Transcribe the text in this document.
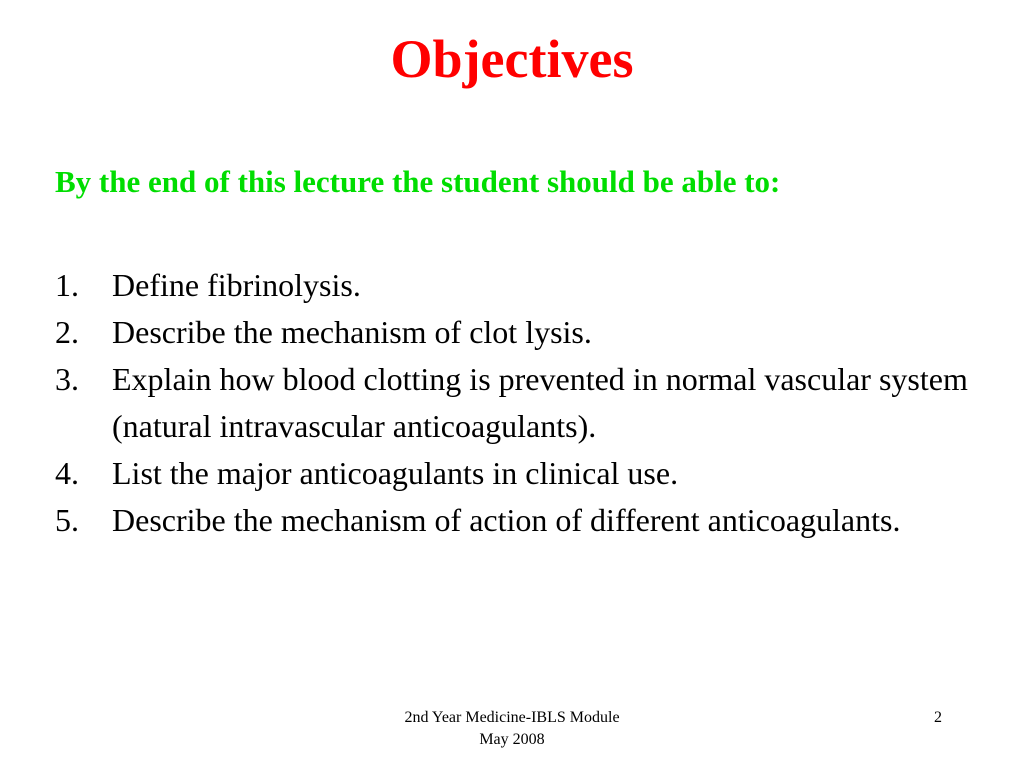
Objectives
By the end of this lecture the student should be able to:
1. Define fibrinolysis.
2. Describe the mechanism of clot lysis.
3. Explain how blood clotting is prevented in normal vascular system (natural intravascular anticoagulants).
4. List the major anticoagulants in clinical use.
5. Describe the mechanism of action of different anticoagulants.
2nd Year Medicine-IBLS Module
May 2008
2
